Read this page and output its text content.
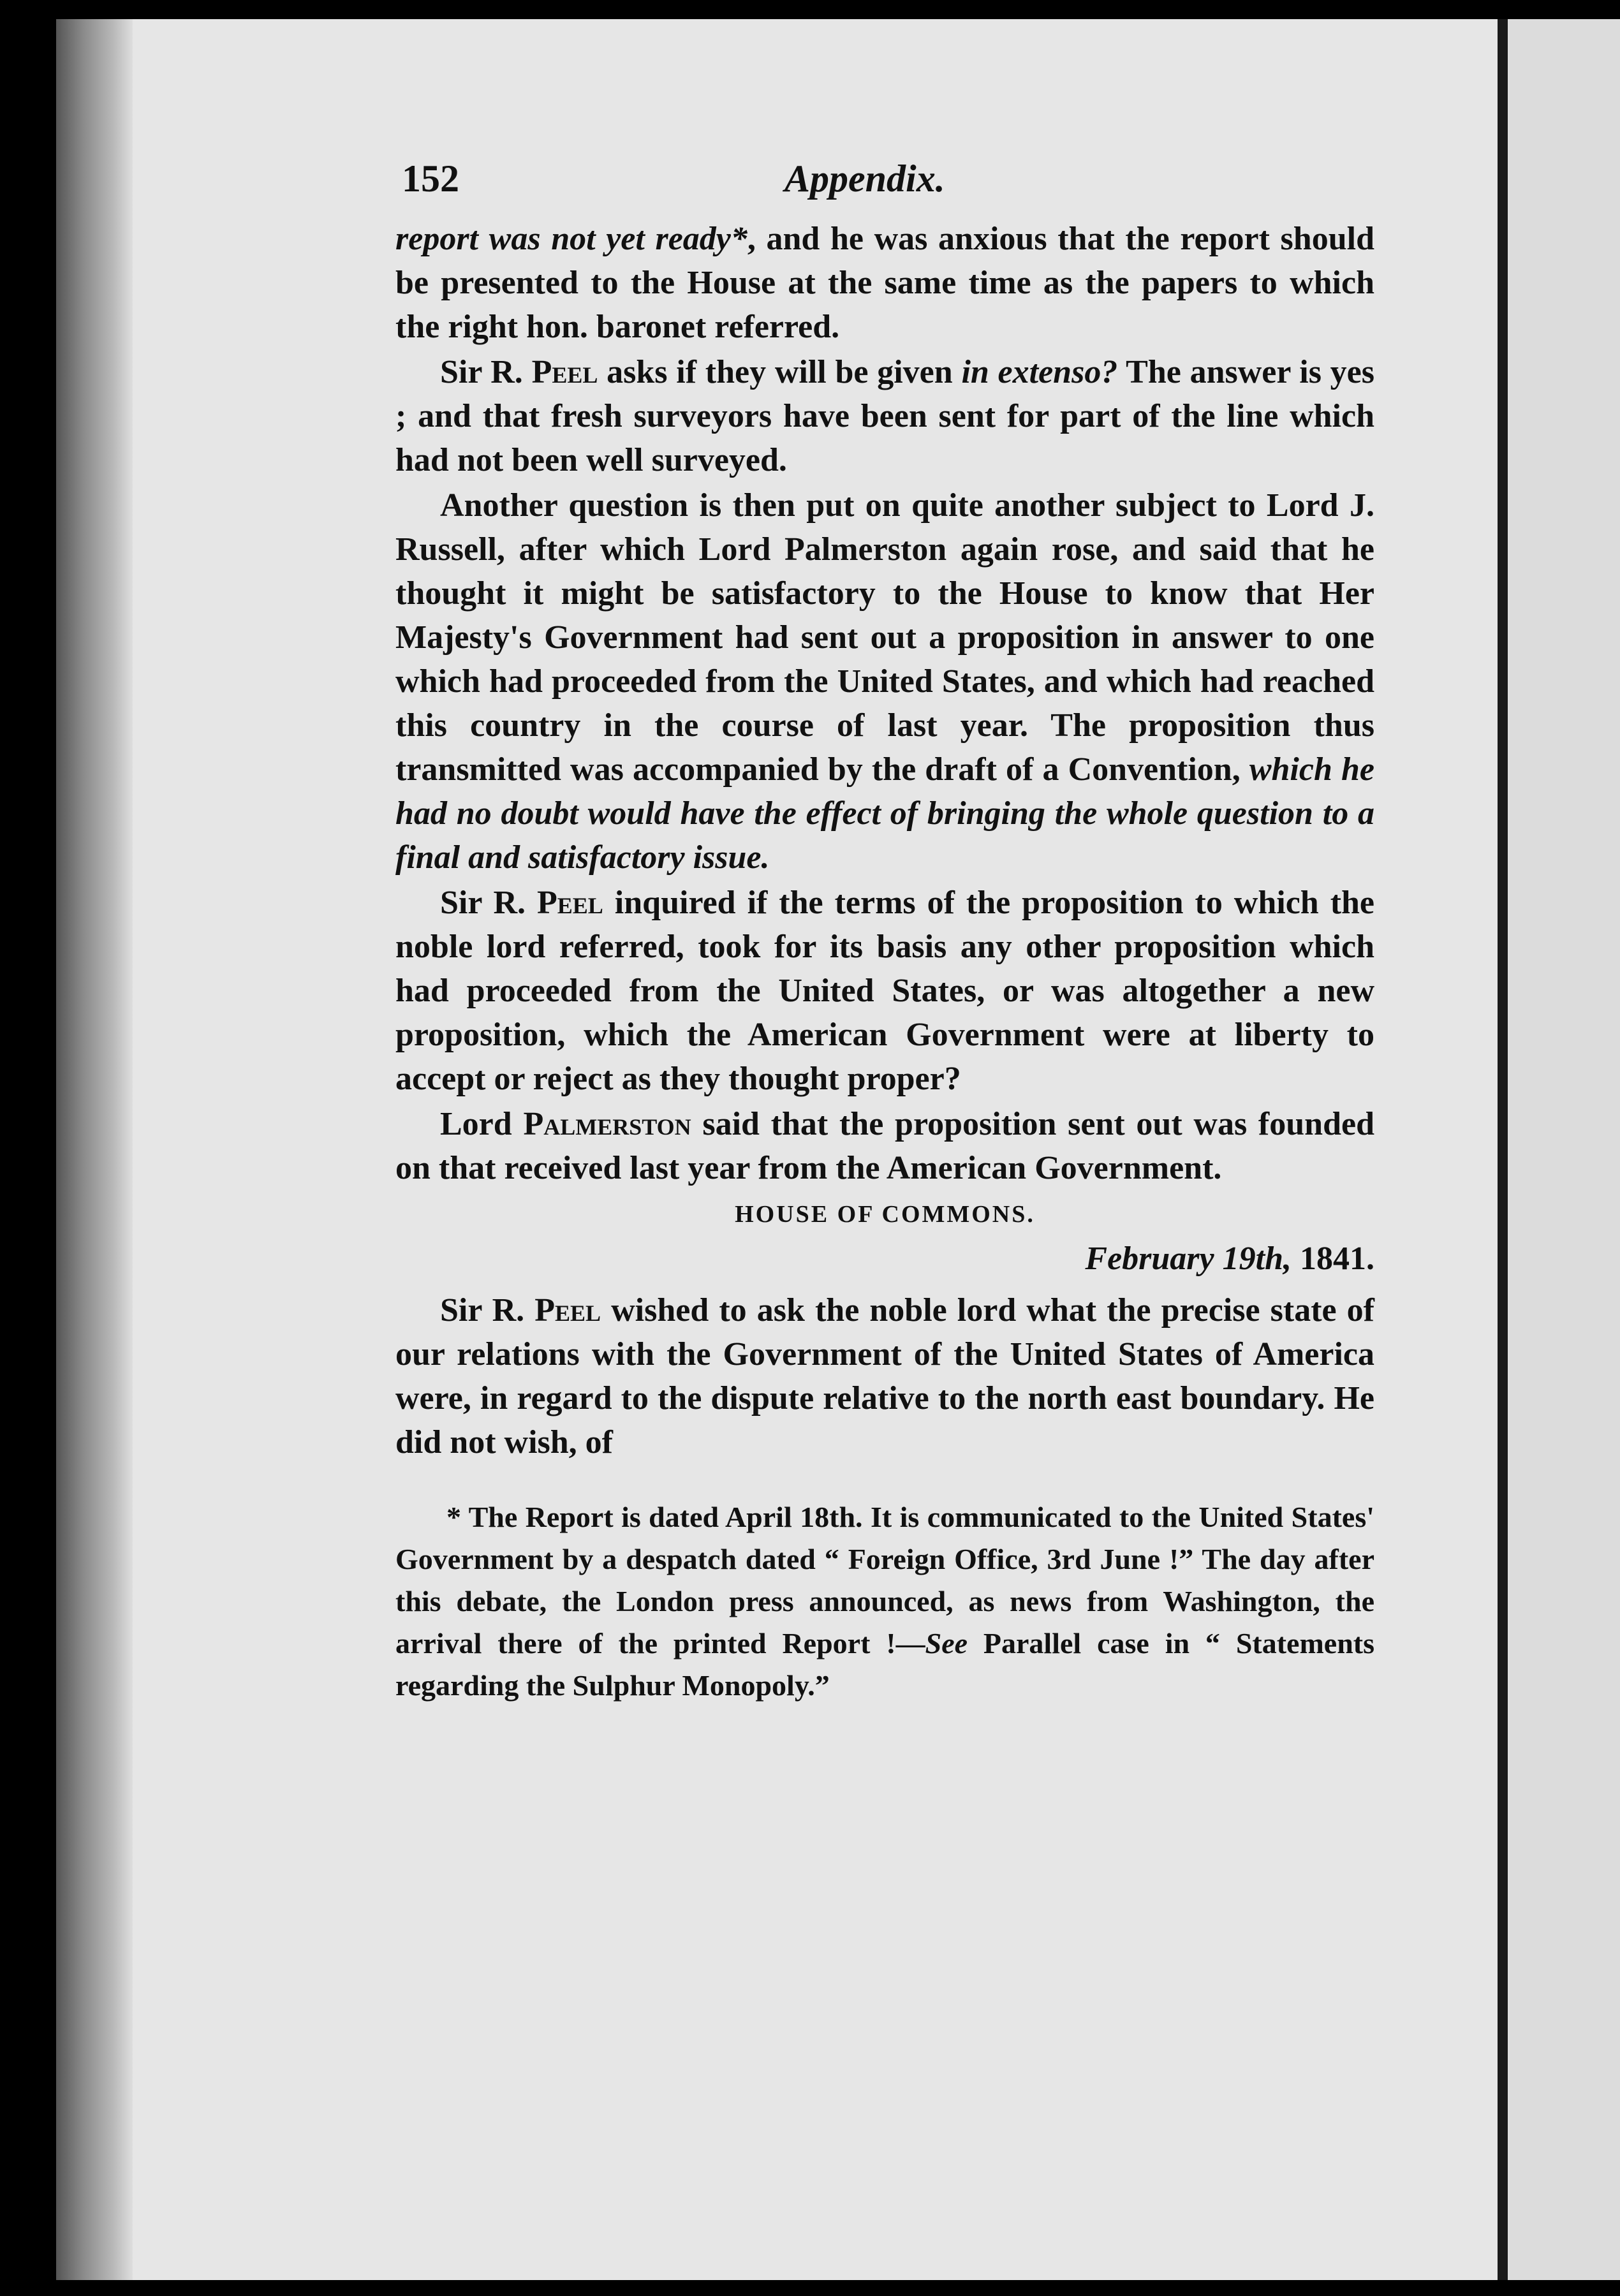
152	Appendix.

report was not yet ready*, and he was anxious that the report should be presented to the House at the same time as the papers to which the right hon. baronet referred.

Sir R. Peel asks if they will be given in extenso? The answer is yes ; and that fresh surveyors have been sent for part of the line which had not been well surveyed.

Another question is then put on quite another subject to Lord J. Russell, after which Lord Palmerston again rose, and said that he thought it might be satisfactory to the House to know that Her Majesty's Government had sent out a proposition in answer to one which had proceeded from the United States, and which had reached this country in the course of last year. The proposition thus transmitted was accompanied by the draft of a Convention, which he had no doubt would have the effect of bringing the whole question to a final and satisfactory issue.

Sir R. Peel inquired if the terms of the proposition to which the noble lord referred, took for its basis any other proposition which had proceeded from the United States, or was altogether a new proposition, which the American Government were at liberty to accept or reject as they thought proper?

Lord Palmerston said that the proposition sent out was founded on that received last year from the American Government.

HOUSE OF COMMONS.
February 19th, 1841.

Sir R. Peel wished to ask the noble lord what the precise state of our relations with the Government of the United States of America were, in regard to the dispute relative to the north east boundary. He did not wish, of

* The Report is dated April 18th. It is communicated to the United States' Government by a despatch dated “ Foreign Office, 3rd June !” The day after this debate, the London press announced, as news from Washington, the arrival there of the printed Report !—See Parallel case in “ Statements regarding the Sulphur Monopoly.”
